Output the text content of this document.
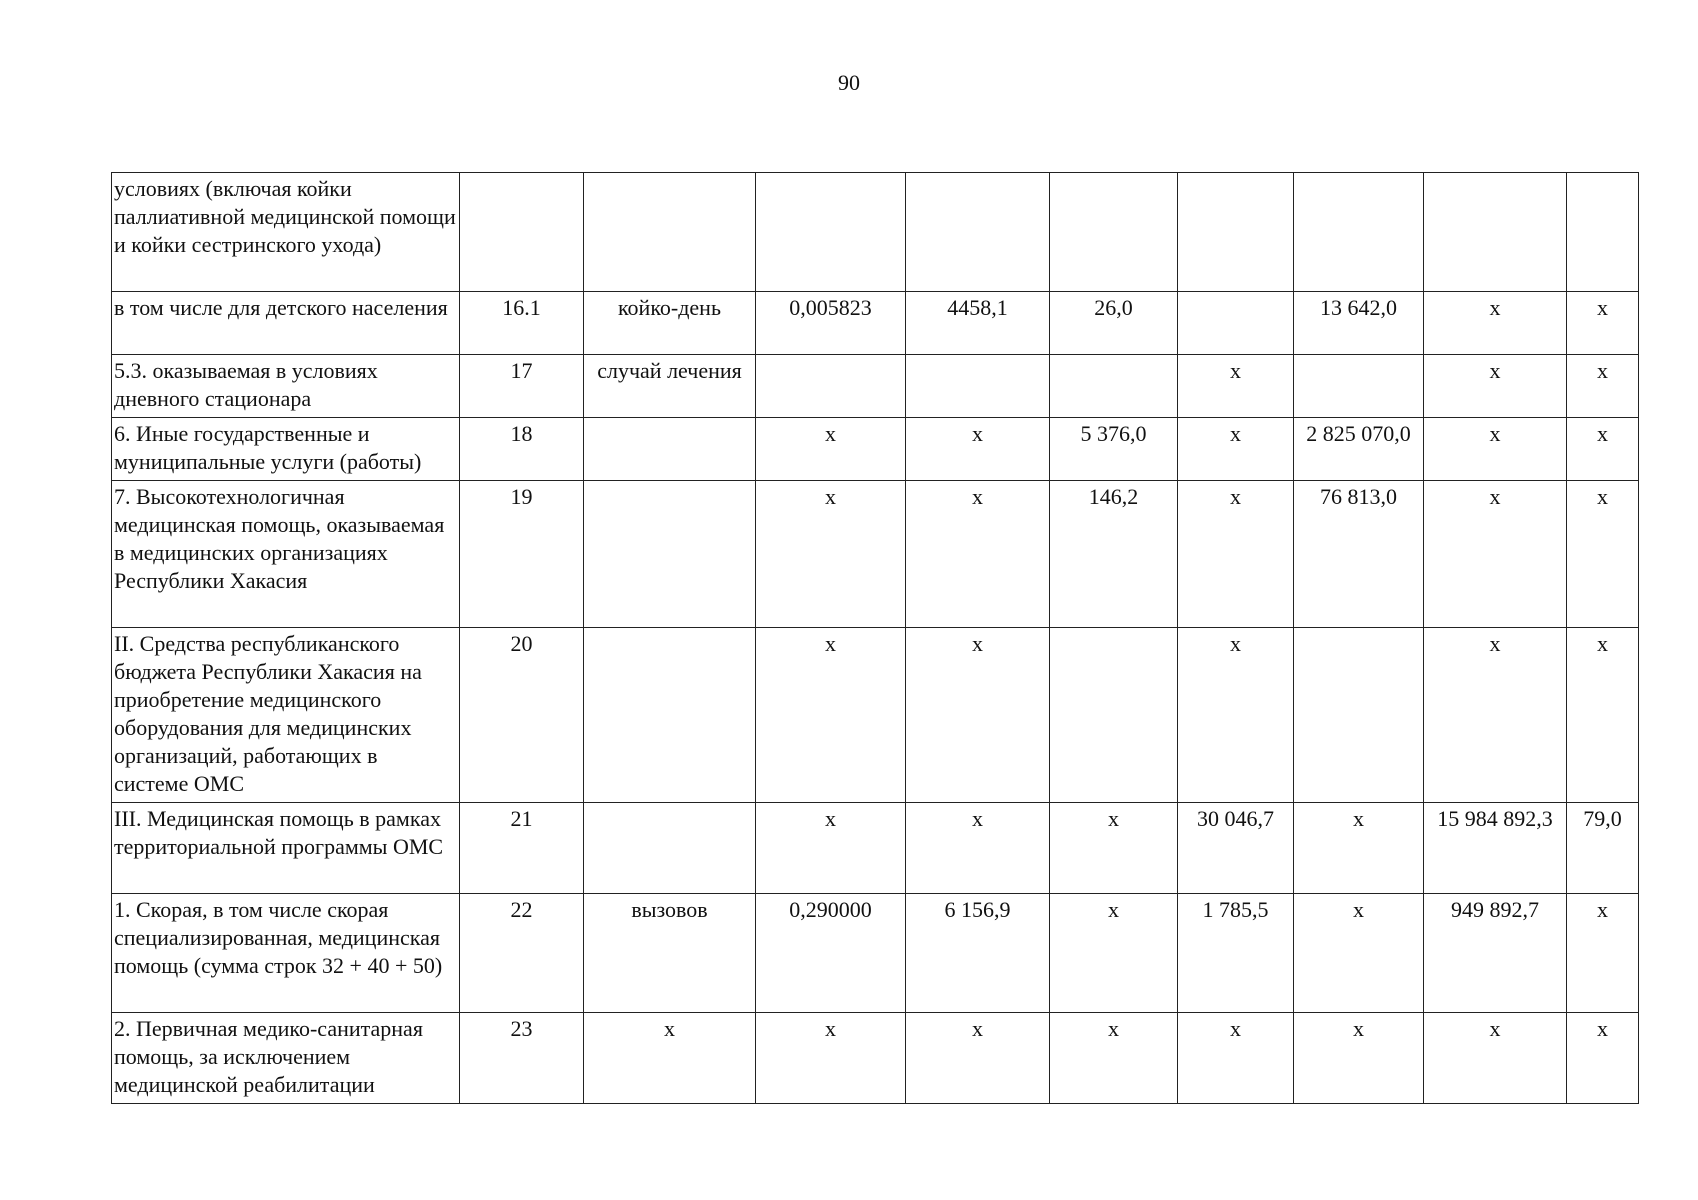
90
условиях (включая койки паллиативной медицинской помощи и койки сестринского ухода)									
в том числе для детского населения	16.1	койко-день	0,005823	4458,1	26,0		13 642,0	х	х
5.3. оказываемая в условиях дневного стационара	17	случай лечения				х		х	х
6. Иные государственные и муниципальные услуги (работы)	18		х	х	5 376,0	х	2 825 070,0	х	х
7. Высокотехнологичная медицинская помощь, оказываемая в медицинских организациях Республики Хакасия	19		х	х	146,2	х	76 813,0	х	х
II. Средства республиканского бюджета Республики Хакасия на приобретение медицинского оборудования для медицинских организаций, работающих в системе ОМС	20		х	х		х		х	х
III. Медицинская помощь в рамках территориальной программы ОМС	21		х	х	х	30 046,7	х	15 984 892,3	79,0
1. Скорая, в том числе скорая специализированная, медицинская помощь (сумма строк 32 + 40 + 50)	22	вызовов	0,290000	6 156,9	х	1 785,5	х	949 892,7	х
2. Первичная медико-санитарная помощь, за исключением медицинской реабилитации	23	х	х	х	х	х	х	х	х
